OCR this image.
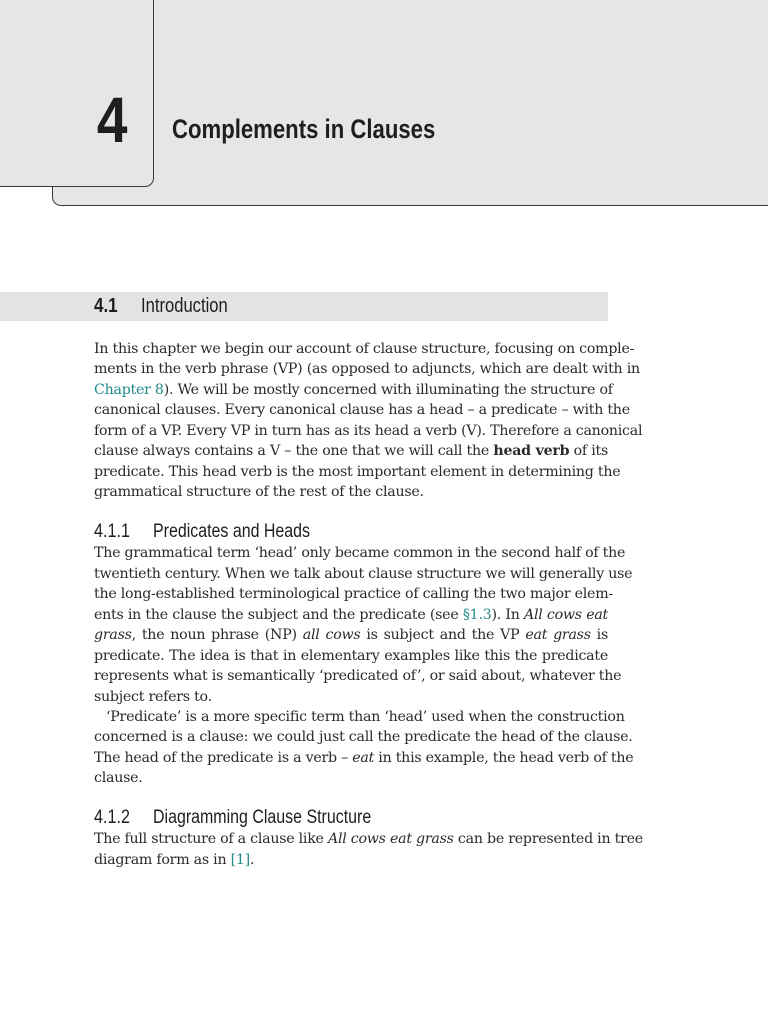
4 Complements in Clauses
4.1 Introduction
In this chapter we begin our account of clause structure, focusing on comple-
ments in the verb phrase (VP) (as opposed to adjuncts, which are dealt with in
Chapter 8). We will be mostly concerned with illuminating the structure of
canonical clauses. Every canonical clause has a head – a predicate – with the
form of a VP. Every VP in turn has as its head a verb (V). Therefore a canonical
clause always contains a V – the one that we will call the head verb of its
predicate. This head verb is the most important element in determining the
grammatical structure of the rest of the clause.
4.1.1 Predicates and Heads
The grammatical term ‘head’ only became common in the second half of the
twentieth century. When we talk about clause structure we will generally use
the long-established terminological practice of calling the two major elem-
ents in the clause the subject and the predicate (see §1.3). In All cows eat
grass, the noun phrase (NP) all cows is subject and the VP eat grass is
predicate. The idea is that in elementary examples like this the predicate
represents what is semantically ‘predicated of’, or said about, whatever the
subject refers to.
‘Predicate’ is a more specific term than ‘head’ used when the construction
concerned is a clause: we could just call the predicate the head of the clause.
The head of the predicate is a verb – eat in this example, the head verb of the
clause.
4.1.2 Diagramming Clause Structure
The full structure of a clause like All cows eat grass can be represented in tree
diagram form as in [1].
